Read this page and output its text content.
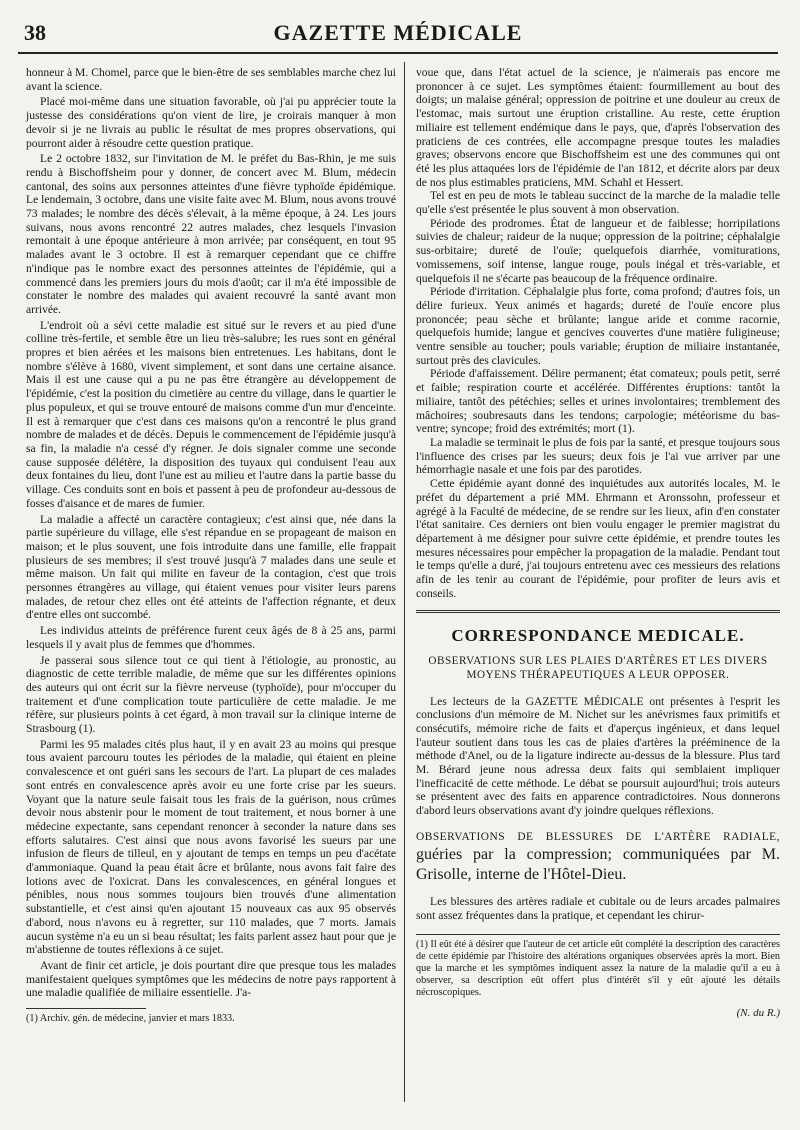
38	GAZETTE MÉDICALE

honneur à M. Chomel, parce que le bien-être de ses semblables marche chez lui avant la science.

Placé moi-même dans une situation favorable, où j'ai pu apprécier toute la justesse des considérations qu'on vient de lire, je croirais manquer à mon devoir si je ne livrais au public le résultat de mes propres observations, qui pourront aider à résoudre cette question pratique.

Le 2 octobre 1832, sur l'invitation de M. le préfet du Bas-Rhin, je me suis rendu à Bischoffsheim pour y donner, de concert avec M. Blum, médecin cantonal, des soins aux personnes atteintes d'une fièvre typhoïde épidémique. Le lendemain, 3 octobre, dans une visite faite avec M. Blum, nous avons trouvé 73 malades; le nombre des décès s'élevait, à la même époque, à 24. Les jours suivans, nous avons rencontré 22 autres malades, chez lesquels l'invasion remontait à une époque antérieure à mon arrivée; par conséquent, en tout 95 malades avant le 3 octobre. Il est à remarquer cependant que ce chiffre n'indique pas le nombre exact des personnes atteintes de l'épidémie, qui a commencé dans les premiers jours du mois d'août; car il m'a été impossible de constater le nombre des malades qui avaient recouvré la santé avant mon arrivée.

L'endroit où a sévi cette maladie est situé sur le revers et au pied d'une colline très-fertile, et semble être un lieu très-salubre; les rues sont en général propres et bien aérées et les maisons bien entretenues. Les habitans, dont le nombre s'élève à 1680, vivent simplement, et sont dans une certaine aisance. Mais il est une cause qui a pu ne pas être étrangère au développement de l'épidémie, c'est la position du cimetière au centre du village, dans le quartier le plus populeux, et qui se trouve entouré de maisons comme d'un mur d'enceinte. Il est à remarquer que c'est dans ces maisons qu'on a rencontré le plus grand nombre de malades et de décès. Depuis le commencement de l'épidémie jusqu'à sa fin, la maladie n'a cessé d'y régner. Je dois signaler comme une seconde cause supposée délétère, la disposition des tuyaux qui conduisent l'eau aux deux fontaines du lieu, dont l'une est au milieu et l'autre dans la partie basse du village. Ces conduits sont en bois et passent à peu de profondeur au-dessous de fosses d'aisance et de mares de fumier.

La maladie a affecté un caractère contagieux; c'est ainsi que, née dans la partie supérieure du village, elle s'est répandue en se propageant de maison en maison; et le plus souvent, une fois introduite dans une famille, elle frappait plusieurs de ses membres; il s'est trouvé jusqu'à 7 malades dans une seule et même maison. Un fait qui milite en faveur de la contagion, c'est que trois personnes étrangères au village, qui étaient venues pour visiter leurs parens malades, de retour chez elles ont été atteints de l'affection régnante, et deux d'entre elles ont succombé.

Les individus atteints de préférence furent ceux âgés de 8 à 25 ans, parmi lesquels il y avait plus de femmes que d'hommes.

Je passerai sous silence tout ce qui tient à l'étiologie, au pronostic, au diagnostic de cette terrible maladie, de même que sur les différentes opinions des auteurs qui ont écrit sur la fièvre nerveuse (typhoïde), pour m'occuper du traitement et d'une complication toute particulière de cette maladie. Je me réfère, sur plusieurs points à cet égard, à mon travail sur la clinique interne de Strasbourg (1).

Parmi les 95 malades cités plus haut, il y en avait 23 au moins qui presque tous avaient parcouru toutes les périodes de la maladie, qui étaient en pleine convalescence et ont guéri sans les secours de l'art. La plupart de ces malades sont entrés en convalescence après avoir eu une forte crise par les sueurs. Voyant que la nature seule faisait tous les frais de la guérison, nous crûmes devoir nous abstenir pour le moment de tout traitement, et nous borner à une médecine expectante, sans cependant renoncer à seconder la nature dans ses efforts salutaires. C'est ainsi que nous avons favorisé les sueurs par une infusion de fleurs de tilleul, en y ajoutant de temps en temps un peu d'acétate d'ammoniaque. Quand la peau était âcre et brûlante, nous avons fait faire des lotions avec de l'oxicrat. Dans les convalescences, en général longues et pénibles, nous nous sommes toujours bien trouvés d'une alimentation substantielle, et c'est ainsi qu'en ajoutant 15 nouveaux cas aux 95 observés d'abord, nous n'avons eu à regretter, sur 110 malades, que 7 morts. Jamais aucun système n'a eu un si beau résultat; les faits parlent assez haut pour que je m'abstienne de toutes réflexions à ce sujet.

Avant de finir cet article, je dois pourtant dire que presque tous les malades manifestaient quelques symptômes que les médecins de notre pays rapportent à une maladie qualifiée de miliaire essentielle. J'a-

(1) Archiv. gén. de médecine, janvier et mars 1833.

voue que, dans l'état actuel de la science, je n'aimerais pas encore me prononcer à ce sujet. Les symptômes étaient: fourmillement au bout des doigts; un malaise général; oppression de poitrine et une douleur au creux de l'estomac, mais surtout une éruption cristalline. Au reste, cette éruption miliaire est tellement endémique dans le pays, que, d'après l'observation des praticiens de ces contrées, elle accompagne presque toutes les maladies graves; observons encore que Bischoffsheim est une des communes qui ont été les plus attaquées lors de l'épidémie de l'an 1812, et décrite alors par deux de nos plus estimables praticiens, MM. Schahl et Hessert.

Tel est en peu de mots le tableau succinct de la marche de la maladie telle qu'elle s'est présentée le plus souvent à mon observation.

Période des prodromes. État de langueur et de faiblesse; horripilations suivies de chaleur; raideur de la nuque; oppression de la poitrine; céphalalgie sus-orbitaire; dureté de l'ouïe; quelquefois diarrhée, vomiturations, vomissemens, soif intense, langue rouge, pouls inégal et très-variable, et quelquefois il ne s'écarte pas beaucoup de la fréquence ordinaire.

Période d'irritation. Céphalalgie plus forte, coma profond; d'autres fois, un délire furieux. Yeux animés et hagards; dureté de l'ouïe encore plus prononcée; peau sèche et brûlante; langue aride et comme racornie, quelquefois humide; langue et gencives couvertes d'une matière fuligineuse; ventre sensible au toucher; pouls variable; éruption de miliaire instantanée, surtout près des clavicules.

Période d'affaissement. Délire permanent; état comateux; pouls petit, serré et faible; respiration courte et accélérée. Différentes éruptions: tantôt la miliaire, tantôt des pétéchies; selles et urines involontaires; tremblement des mâchoires; soubresauts dans les tendons; carpologie; météorisme du bas-ventre; syncope; froid des extrémités; mort (1).

La maladie se terminait le plus de fois par la santé, et presque toujours sous l'influence des crises par les sueurs; deux fois je l'ai vue arriver par une hémorrhagie nasale et une fois par des parotides.

Cette épidémie ayant donné des inquiétudes aux autorités locales, M. le préfet du département a prié MM. Ehrmann et Aronssohn, professeur et agrégé à la Faculté de médecine, de se rendre sur les lieux, afin d'en constater l'état sanitaire. Ces derniers ont bien voulu engager le premier magistrat du département à me désigner pour suivre cette épidémie, et prendre toutes les mesures nécessaires pour empêcher la propagation de la maladie. Pendant tout le temps qu'elle a duré, j'ai toujours entretenu avec ces messieurs des relations afin de les tenir au courant de l'épidémie, pour profiter de leurs avis et conseils.

CORRESPONDANCE MEDICALE.
OBSERVATIONS SUR LES PLAIES D'ARTÈRES ET LES DIVERS MOYENS THÉRAPEUTIQUES A LEUR OPPOSER.

Les lecteurs de la GAZETTE MÉDICALE ont présentes à l'esprit les conclusions d'un mémoire de M. Nichet sur les anévrismes faux primitifs et consécutifs, mémoire riche de faits et d'aperçus ingénieux, et dans lequel l'auteur soutient dans tous les cas de plaies d'artères la prééminence de la méthode d'Anel, ou de la ligature indirecte au-dessus de la blessure. Plus tard M. Bérard jeune nous adressa deux faits qui semblaient impliquer l'inefficacité de cette méthode. Le débat se poursuit aujourd'hui; trois auteurs se présentent avec des faits en apparence contradictoires. Nous donnerons d'abord leurs observations avant d'y joindre quelques réflexions.

OBSERVATIONS DE BLESSURES DE L'ARTÈRE RADIALE, guéries par la compression; communiquées par M. Grisolle, interne de l'Hôtel-Dieu.

Les blessures des artères radiale et cubitale ou de leurs arcades palmaires sont assez fréquentes dans la pratique, et cependant les chirur-

(1) Il eût été à désirer que l'auteur de cet article eût complété la description des caractères de cette épidémie par l'histoire des altérations organiques observées après la mort. Bien que la marche et les symptômes indiquent assez la nature de la maladie qu'il a eu à observer, sa description eût offert plus d'intérêt s'il y eût ajouté les détails nécroscopiques.

(N. du R.)
